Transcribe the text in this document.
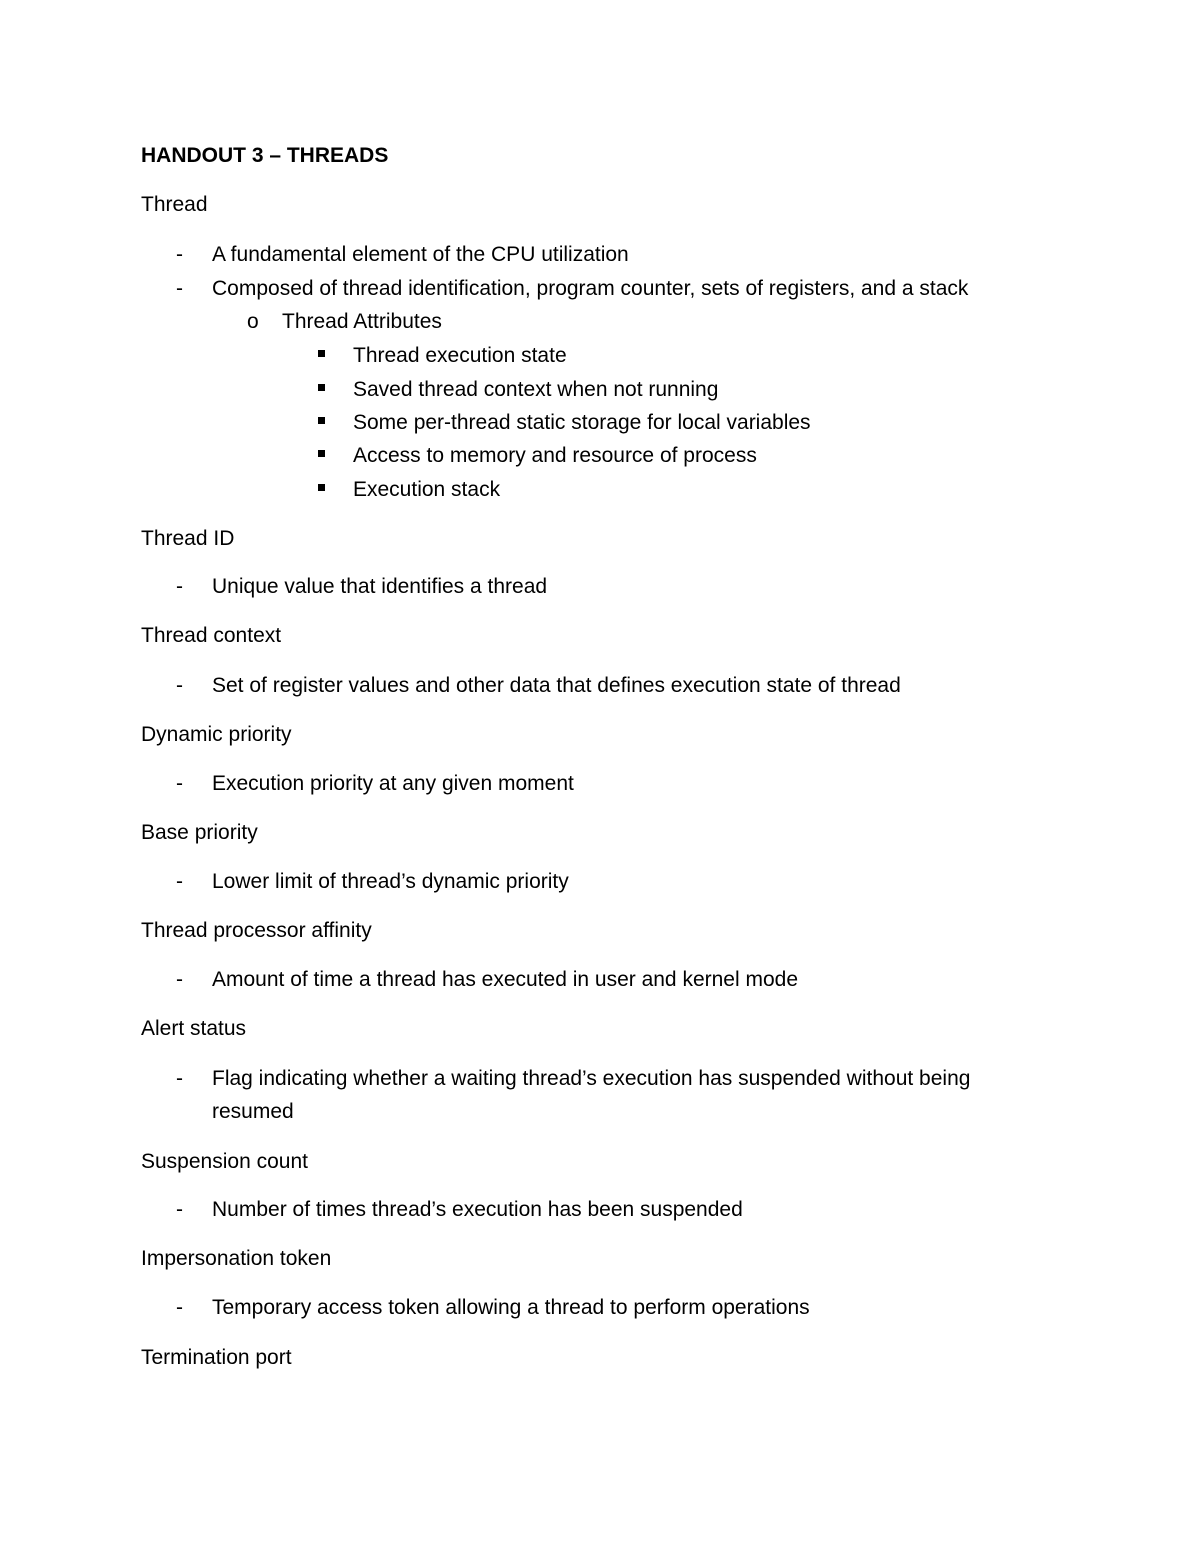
HANDOUT 3 – THREADS
Thread
- A fundamental element of the CPU utilization
- Composed of thread identification, program counter, sets of registers, and a stack
o Thread Attributes
Thread execution state
Saved thread context when not running
Some per-thread static storage for local variables
Access to memory and resource of process
Execution stack
Thread ID
- Unique value that identifies a thread
Thread context
- Set of register values and other data that defines execution state of thread
Dynamic priority
- Execution priority at any given moment
Base priority
- Lower limit of thread’s dynamic priority
Thread processor affinity
- Amount of time a thread has executed in user and kernel mode
Alert status
- Flag indicating whether a waiting thread’s execution has suspended without being
resumed
Suspension count
- Number of times thread’s execution has been suspended
Impersonation token
- Temporary access token allowing a thread to perform operations
Termination port
